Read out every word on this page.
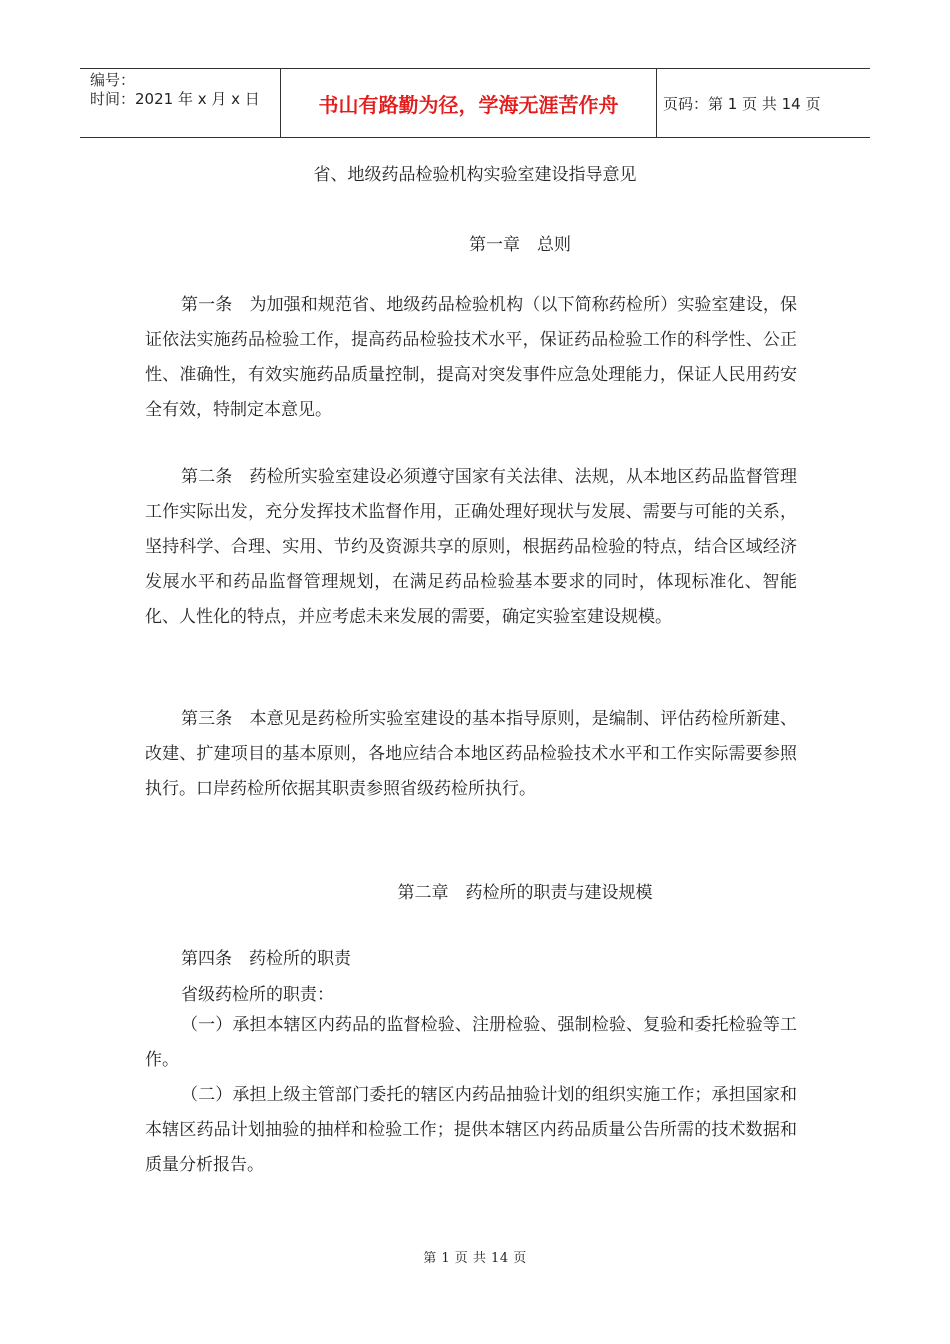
编号：
时间：2021 年 x 月 x 日	书山有路勤为径，学海无涯苦作舟	页码：第 1 页 共 14 页
省、地级药品检验机构实验室建设指导意见
第一章　总则

第一条　为加强和规范省、地级药品检验机构（以下简称药检所）实验室建设，保证依法实施药品检验工作，提高药品检验技术水平，保证药品检验工作的科学性、公正性、准确性，有效实施药品质量控制，提高对突发事件应急处理能力，保证人民用药安全有效，特制定本意见。

第二条　药检所实验室建设必须遵守国家有关法律、法规，从本地区药品监督管理工作实际出发，充分发挥技术监督作用，正确处理好现状与发展、需要与可能的关系，坚持科学、合理、实用、节约及资源共享的原则，根据药品检验的特点，结合区域经济发展水平和药品监督管理规划，在满足药品检验基本要求的同时，体现标准化、智能化、人性化的特点，并应考虑未来发展的需要，确定实验室建设规模。

第三条　本意见是药检所实验室建设的基本指导原则，是编制、评估药检所新建、改建、扩建项目的基本原则，各地应结合本地区药品检验技术水平和工作实际需要参照执行。口岸药检所依据其职责参照省级药检所执行。

第二章　药检所的职责与建设规模

第四条　药检所的职责

省级药检所的职责：

（一）承担本辖区内药品的监督检验、注册检验、强制检验、复验和委托检验等工作。

（二）承担上级主管部门委托的辖区内药品抽验计划的组织实施工作；承担国家和本辖区药品计划抽验的抽样和检验工作；提供本辖区内药品质量公告所需的技术数据和质量分析报告。

第 1 页 共 14 页
